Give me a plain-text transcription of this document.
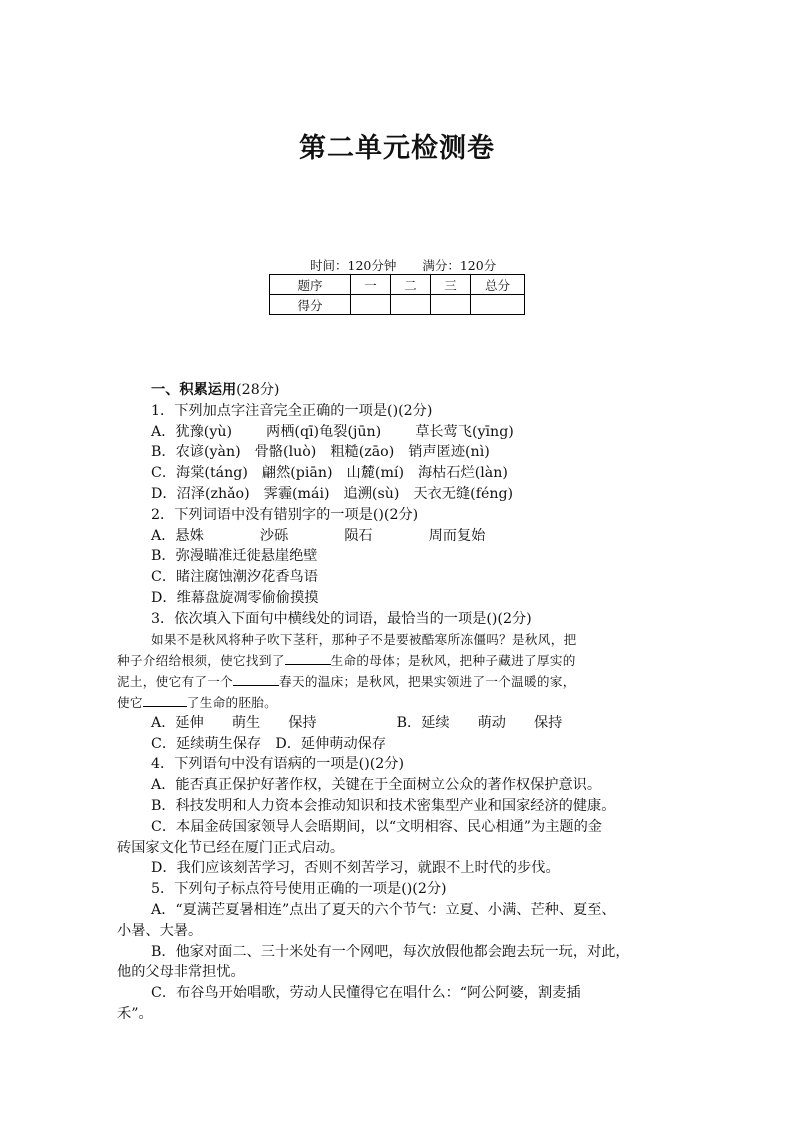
第二单元检测卷
时间：120分钟 满分：120分
题序	一	二	三	总分
得分				
一、积累运用(28分)
1．下列加点字注音完全正确的一项是()(2分)
A．犹豫(yù) 两栖(qī)龟裂(jūn) 草长莺飞(yīng)
B．农谚(yàn) 骨骼(luò) 粗糙(zāo) 销声匿迹(nì)
C．海棠(táng) 翩然(piān) 山麓(mí) 海枯石烂(làn)
D．沼泽(zhǎo) 霁霾(mái) 追溯(sù) 天衣无缝(féng)
2．下列词语中没有错别字的一项是()(2分)
A．悬姝	沙砾	陨石	周而复始
B．弥漫瞄准迁徙悬崖绝壁
C．睹注腐蚀潮汐花香鸟语
D．维幕盘旋凋零偷偷摸摸
3．依次填入下面句中横线处的词语，最恰当的一项是()(2分)
如果不是秋风将种子吹下茎秆，那种子不是要被酷寒所冻僵吗？是秋风，把
种子介绍给根须，使它找到了	生命的母体；是秋风，把种子藏进了厚实的
泥土，使它有了一个	春天的温床；是秋风，把果实领进了一个温暖的家，
使它	了生命的胚胎。
A．延伸 萌生 保持	B．延续 萌动 保持
C．延续萌生保存　D．延伸萌动保存
4．下列语句中没有语病的一项是()(2分)
A．能否真正保护好著作权，关键在于全面树立公众的著作权保护意识。
B．科技发明和人力资本会推动知识和技术密集型产业和国家经济的健康。
C．本届金砖国家领导人会晤期间，以“文明相容、民心相通”为主题的金
砖国家文化节已经在厦门正式启动。
D．我们应该刻苦学习，否则不刻苦学习，就跟不上时代的步伐。
5．下列句子标点符号使用正确的一项是()(2分)
A．“夏满芒夏暑相连”点出了夏天的六个节气：立夏、小满、芒种、夏至、
小暑、大暑。
B．他家对面二、三十米处有一个网吧，每次放假他都会跑去玩一玩，对此，
他的父母非常担忧。
C．布谷鸟开始唱歌，劳动人民懂得它在唱什么：“阿公阿婆，割麦插
禾”。
